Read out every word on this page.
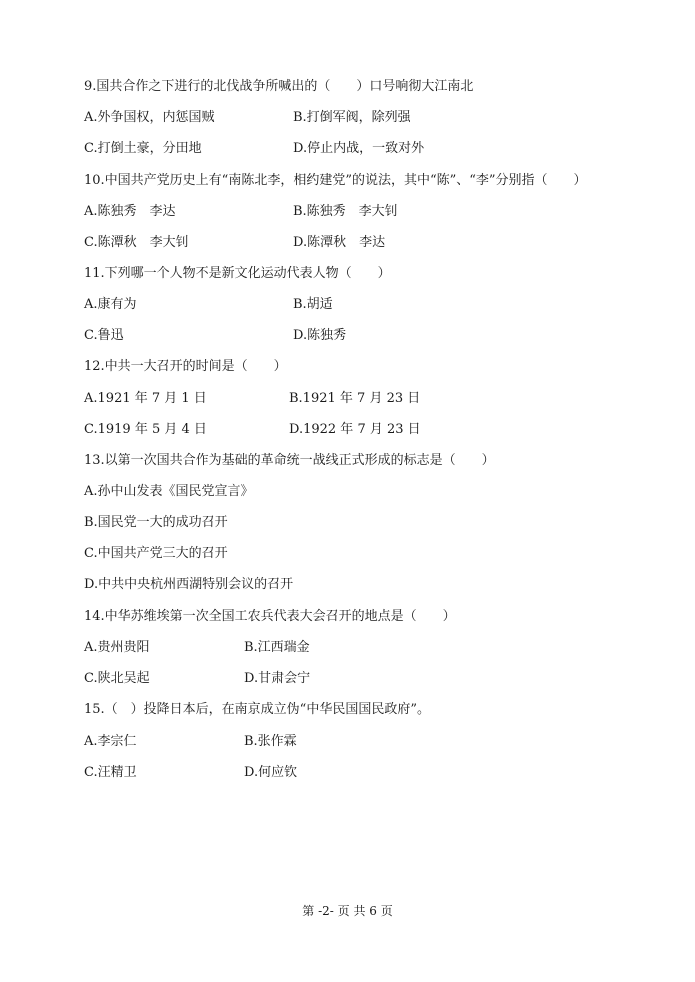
9.国共合作之下进行的北伐战争所喊出的（　　）口号响彻大江南北
A.外争国权，内惩国贼	B.打倒军阀，除列强
C.打倒土豪，分田地	D.停止内战，一致对外
10.中国共产党历史上有“南陈北李，相约建党”的说法，其中“陈”、“李”分别指（　　）
A.陈独秀　李达	B.陈独秀　李大钊
C.陈潭秋　李大钊	D.陈潭秋　李达
11.下列哪一个人物不是新文化运动代表人物（　　）
A.康有为	B.胡适
C.鲁迅	D.陈独秀
12.中共一大召开的时间是（　　）
A.1921 年 7 月 1 日	B.1921 年 7 月 23 日
C.1919 年 5 月 4 日	D.1922 年 7 月 23 日
13.以第一次国共合作为基础的革命统一战线正式形成的标志是（　　）
A.孙中山发表《国民党宣言》
B.国民党一大的成功召开
C.中国共产党三大的召开
D.中共中央杭州西湖特别会议的召开
14.中华苏维埃第一次全国工农兵代表大会召开的地点是（　　）
A.贵州贵阳	B.江西瑞金
C.陕北吴起	D.甘肃会宁
15.（　）投降日本后，在南京成立伪“中华民国国民政府”。
A.李宗仁	B.张作霖
C.汪精卫	D.何应钦
第 -2- 页 共 6 页
